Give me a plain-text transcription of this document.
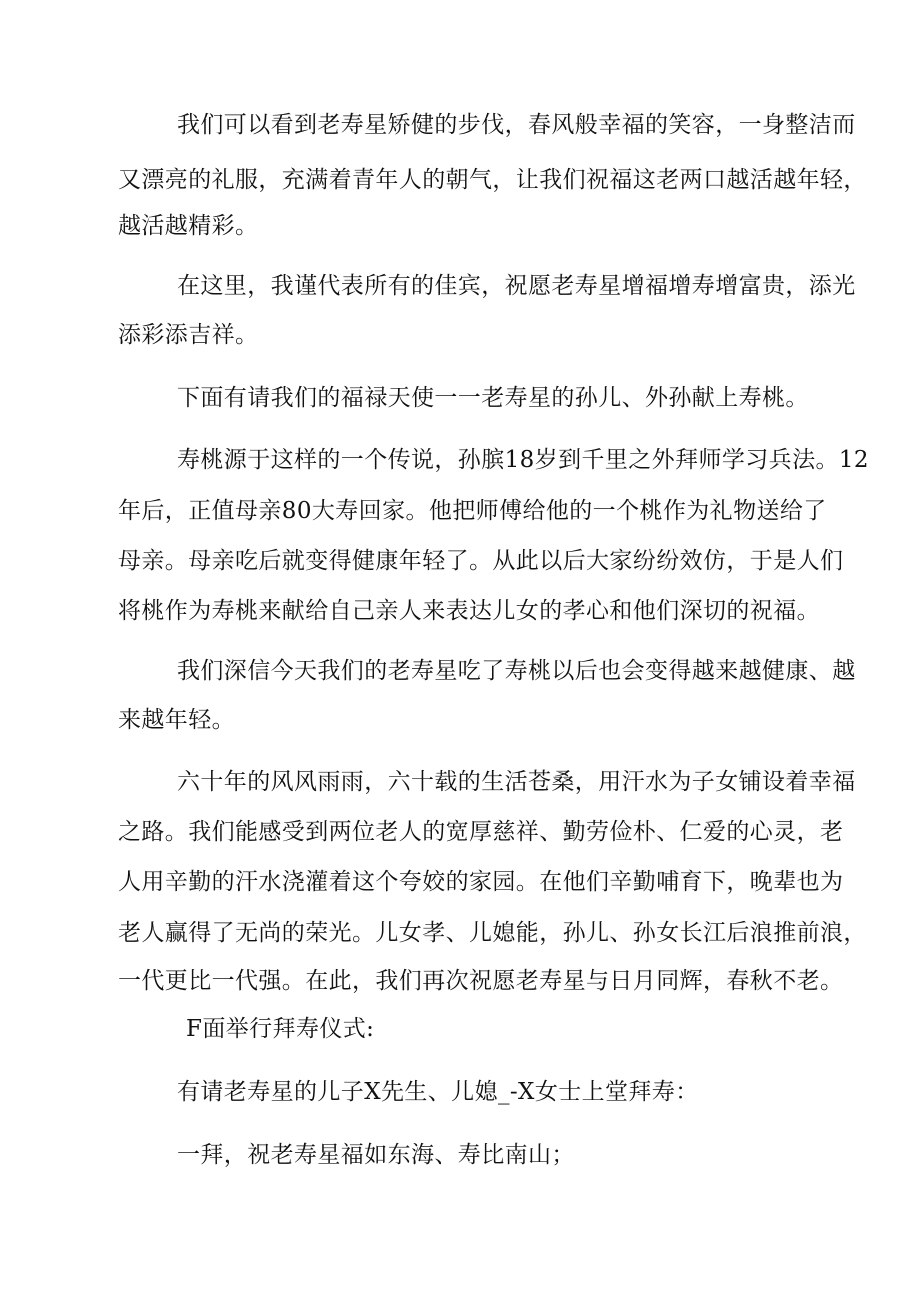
我们可以看到老寿星矫健的步伐，春风般幸福的笑容，一身整洁而
又漂亮的礼服，充满着青年人的朝气，让我们祝福这老两口越活越年轻，
越活越精彩。
在这里，我谨代表所有的佳宾，祝愿老寿星增福增寿增富贵，添光
添彩添吉祥。
下面有请我们的福禄天使一一老寿星的孙儿、外孙献上寿桃。
寿桃源于这样的一个传说，孙膑18岁到千里之外拜师学习兵法。12
年后，正值母亲80大寿回家。他把师傅给他的一个桃作为礼物送给了
母亲。母亲吃后就变得健康年轻了。从此以后大家纷纷效仿，于是人们
将桃作为寿桃来献给自己亲人来表达儿女的孝心和他们深切的祝福。
我们深信今天我们的老寿星吃了寿桃以后也会变得越来越健康、越
来越年轻。
六十年的风风雨雨，六十载的生活苍桑，用汗水为子女铺设着幸福
之路。我们能感受到两位老人的宽厚慈祥、勤劳俭朴、仁爱的心灵，老
人用辛勤的汗水浇灌着这个夸姣的家园。在他们辛勤哺育下，晚辈也为
老人赢得了无尚的荣光。儿女孝、儿媳能，孙儿、孙女长江后浪推前浪，
一代更比一代强。在此，我们再次祝愿老寿星与日月同辉，春秋不老。
F面举行拜寿仪式:
有请老寿星的儿子X先生、儿媳_-X女士上堂拜寿：
一拜，祝老寿星福如东海、寿比南山；
